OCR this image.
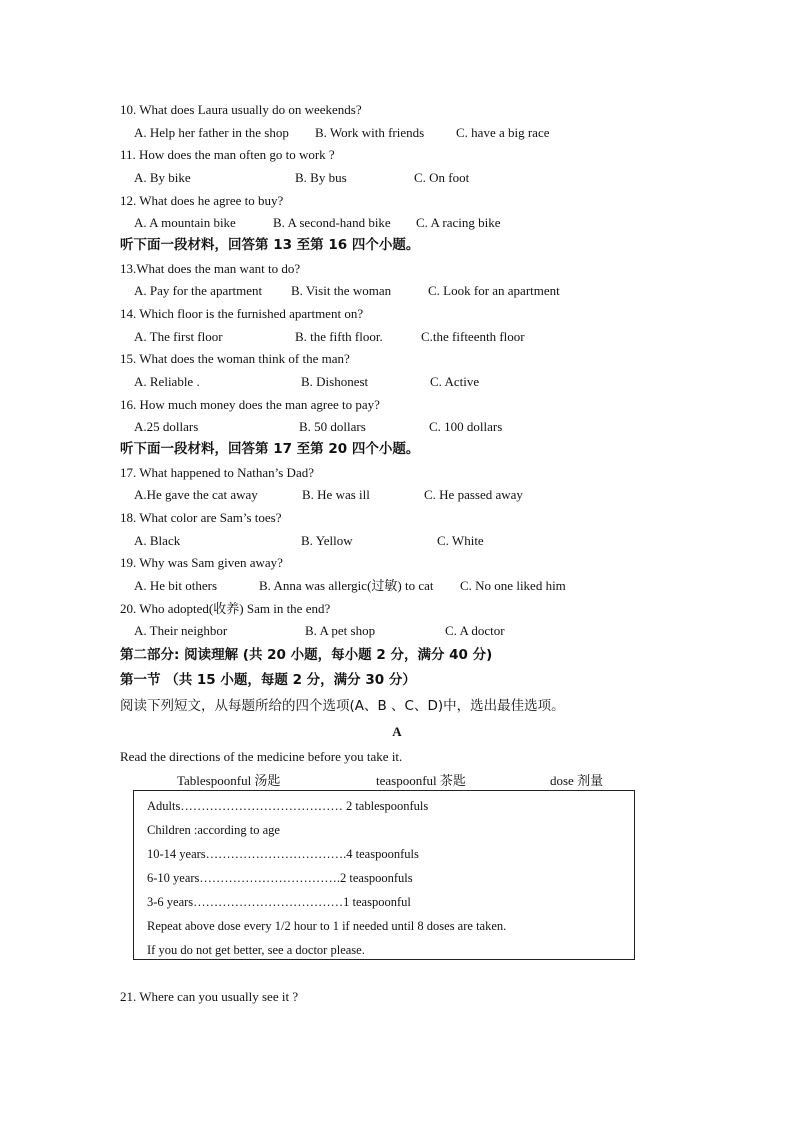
10. What does Laura usually do on weekends?
A. Help her father in the shop B. Work with friends C. have a big race
11. How does the man often go to work ?
A. By bike	B. By bus	C. On foot
12. What does he agree to buy?
A. A mountain bike	B. A second-hand bike C. A racing bike
听下面一段材料，回答第 13 至第 16 四个小题。
13.What does the man want to do?
A. Pay for the apartment B. Visit the woman	C. Look for an apartment
14. Which floor is the furnished apartment on?
A. The first floor	B. the fifth floor.	C.the fifteenth floor
15. What does the woman think of the man?
A. Reliable .	B. Dishonest	C. Active
16. How much money does the man agree to pay?
A.25 dollars	B. 50 dollars	C. 100 dollars
听下面一段材料，回答第 17 至第 20 四个小题。
17. What happened to Nathan’s Dad?
A.He gave the cat away	B. He was ill	C. He passed away
18. What color are Sam’s toes?
A. Black	B. Yellow	C. White
19. Why was Sam given away?
A. He bit others	B. Anna was allergic(过敏) to cat C. No one liked him
20. Who adopted(收养) Sam in the end?
A. Their neighbor	B. A pet shop	C. A doctor
第二部分: 阅读理解 (共 20 小题，每小题 2 分，满分 40 分)
第一节 （共 15 小题，每题 2 分，满分 30 分）
阅读下列短文，从每题所给的四个选项(A、B 、C、D)中，选出最佳选项。
A
Read the directions of the medicine before you take it.
Tablespoonful 汤匙	teaspoonful 茶匙	dose 剂量
Adults………………………………… 2 tablespoonfuls
Children :according to age
10-14 years…………………………….4 teaspoonfuls
6-10 years…………………………….2 teaspoonfuls
3-6 years………………………………1 teaspoonful
Repeat above dose every 1/2 hour to 1 if needed until 8 doses are taken.
If you do not get better, see a doctor please.
21. Where can you usually see it ?
